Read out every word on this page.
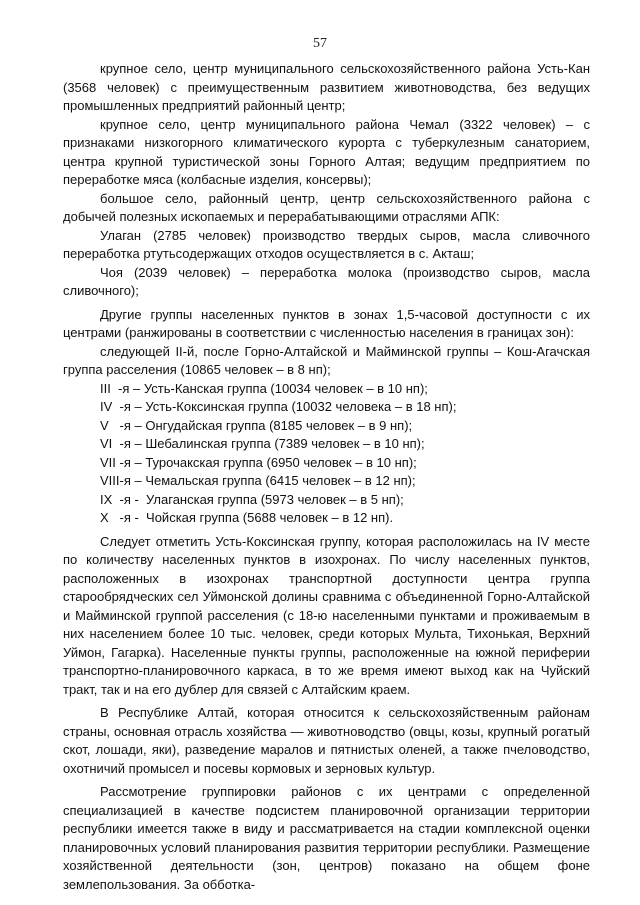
57

крупное село, центр муниципального сельскохозяйственного района Усть-Кан (3568 человек) с преимущественным развитием животноводства, без ведущих промышленных предприятий районный центр;

крупное село, центр муниципального района Чемал (3322 человек) – с признаками низкогорного климатического курорта с туберкулезным санаторием, центра крупной туристической зоны Горного Алтая; ведущим предприятием по переработке мяса (колбасные изделия, консервы);

большое село, районный центр, центр сельскохозяйственного района с добычей полезных ископаемых и перерабатывающими отраслями АПК:

Улаган (2785 человек) производство твердых сыров, масла сливочного переработка ртутьсодержащих отходов осуществляется в с. Акташ;

Чоя (2039 человек) – переработка молока (производство сыров, масла сливочного);

Другие группы населенных пунктов в зонах 1,5-часовой доступности с их центрами (ранжированы в соответствии с численностью населения в границах зон):

следующей II-й, после Горно-Алтайской и Майминской группы – Кош-Агачская группа расселения (10865 человек – в 8 нп);

III  -я – Усть-Канская группа (10034 человек – в 10 нп);

IV  -я – Усть-Коксинская группа (10032 человека – в 18 нп);

V   -я – Онгудайская группа (8185 человек – в 9 нп);

VI  -я – Шебалинская группа (7389 человек – в 10 нп);

VII -я – Турочакская группа (6950 человек – в 10 нп);

VIII-я – Чемальская группа (6415 человек – в 12 нп);

IX  -я -  Улаганская группа (5973 человек – в 5 нп);

X   -я -  Чойская группа (5688 человек – в 12 нп).

Следует отметить Усть-Коксинская группу, которая расположилась на IV месте по количеству населенных пунктов в изохронах. По числу населенных пунктов, расположенных в изохронах транспортной доступности центра группа старообрядческих сел Уймонской долины сравнима с объединенной Горно-Алтайской и Майминской группой расселения (с 18-ю населенными пунктами и проживаемым в них населением более 10 тыс. человек, среди которых Мульта, Тихонькая, Верхний Уймон, Гагарка). Населенные пункты группы, расположенные на южной периферии транспортно-планировочного каркаса, в то же время имеют выход как на Чуйский тракт, так и на его дублер для связей с Алтайским краем.

В Республике Алтай, которая относится к сельскохозяйственным районам страны, основная отрасль хозяйства — животноводство (овцы, козы, крупный рогатый скот, лошади, яки), разведение маралов и пятнистых оленей, а также пчеловодство, охотничий промысел и посевы кормовых и зерновых культур.

Рассмотрение группировки районов с их центрами с определенной специализацией в качестве подсистем планировочной организации территории республики имеется также в виду и рассматривается на стадии комплексной оценки планировочных условий планирования развития территории республики. Размещение хозяйственной деятельности (зон, центров) показано на общем фоне землепользования. За обботка-
